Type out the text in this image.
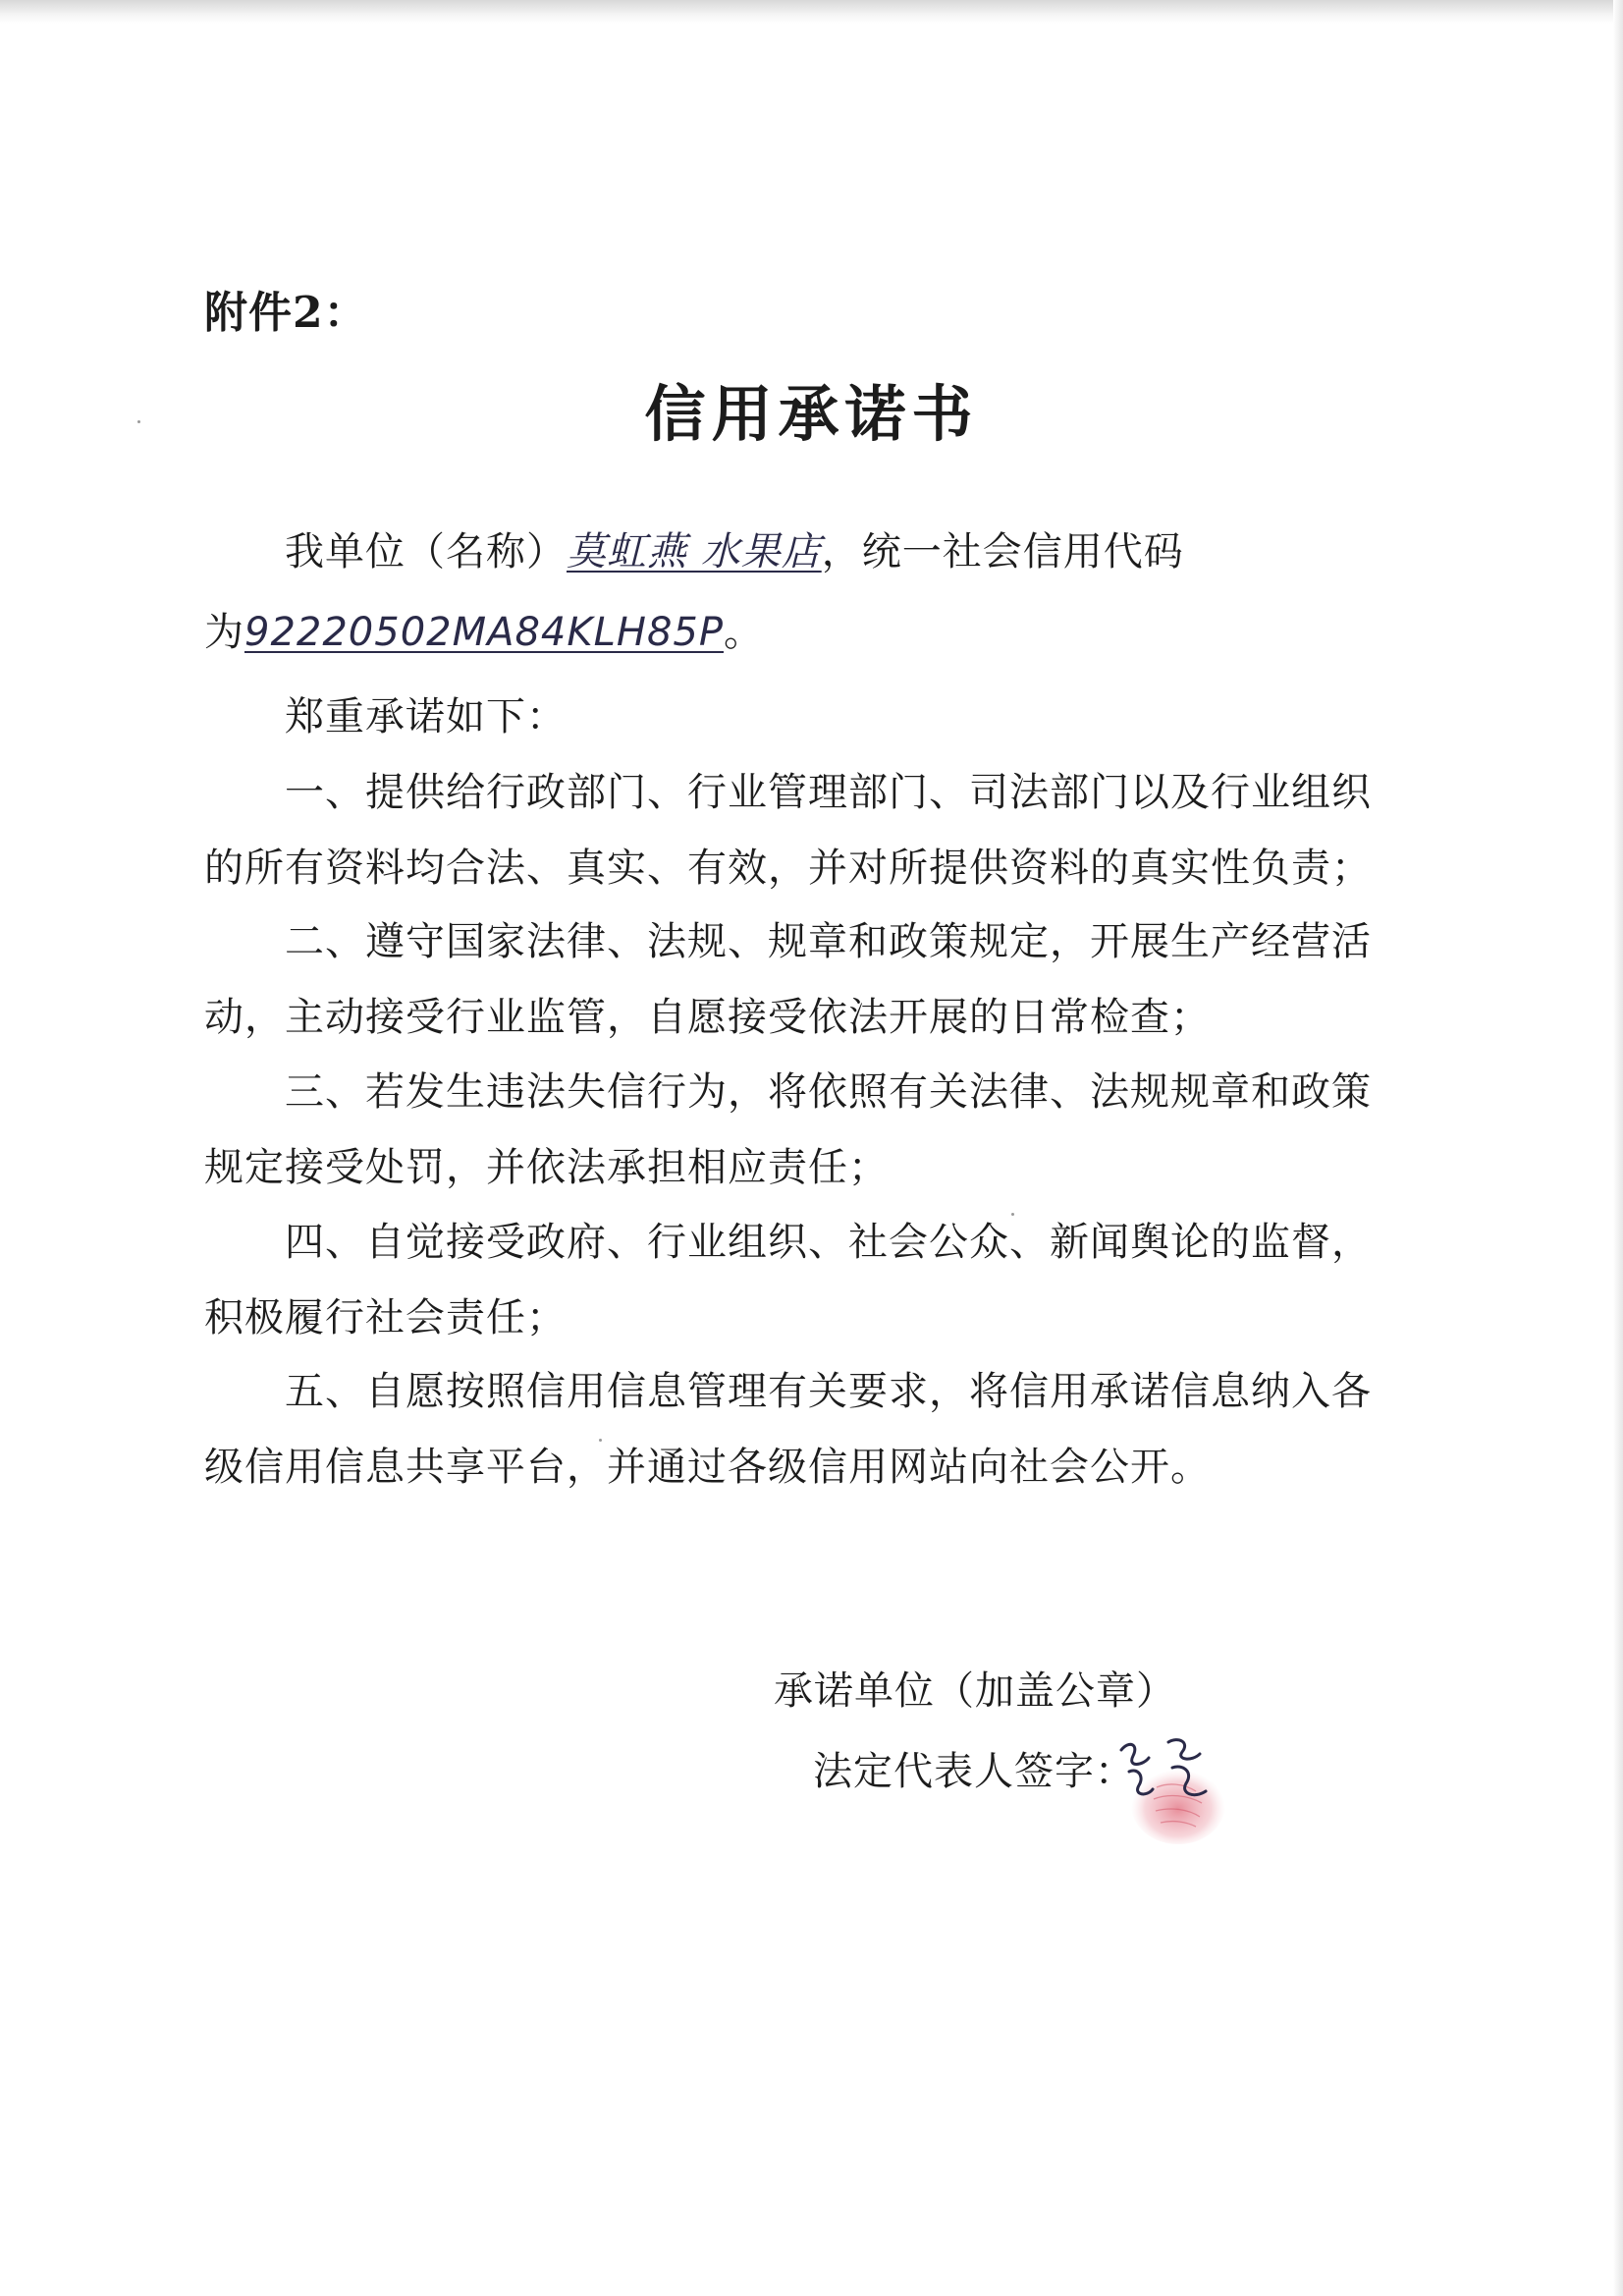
附件2：
信用承诺书
我单位（名称）莫虹燕 水果店，统一社会信用代码
为92220502MA84KLH85P。
郑重承诺如下：
一、提供给行政部门、行业管理部门、司法部门以及行业组织
的所有资料均合法、真实、有效，并对所提供资料的真实性负责；
二、遵守国家法律、法规、规章和政策规定，开展生产经营活
动，主动接受行业监管，自愿接受依法开展的日常检查；
三、若发生违法失信行为，将依照有关法律、法规规章和政策
规定接受处罚，并依法承担相应责任；
四、自觉接受政府、行业组织、社会公众、新闻舆论的监督，
积极履行社会责任；
五、自愿按照信用信息管理有关要求，将信用承诺信息纳入各
级信用信息共享平台，并通过各级信用网站向社会公开。
承诺单位（加盖公章）
法定代表人签字：
